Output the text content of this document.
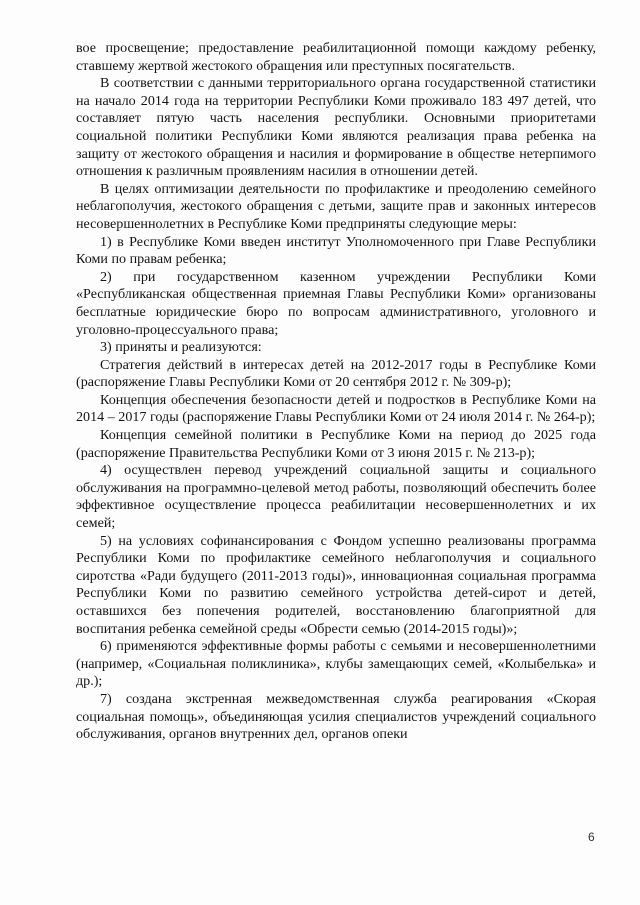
вое просвещение; предоставление реабилитационной помощи каждому ребенку, ставшему жертвой жестокого обращения или преступных посягательств.

В соответствии с данными территориального органа государственной статистики на начало 2014 года на территории Республики Коми проживало 183 497 детей, что составляет пятую часть населения республики. Основными приоритетами социальной политики Республики Коми являются реализация права ребенка на защиту от жестокого обращения и насилия и формирование в обществе нетерпимого отношения к различным проявлениям насилия в отношении детей.

В целях оптимизации деятельности по профилактике и преодолению семейного неблагополучия, жестокого обращения с детьми, защите прав и законных интересов несовершеннолетних в Республике Коми предприняты следующие меры:

1) в Республике Коми введен институт Уполномоченного при Главе Республики Коми по правам ребенка;

2) при государственном казенном учреждении Республики Коми «Республиканская общественная приемная Главы Республики Коми» организованы бесплатные юридические бюро по вопросам административного, уголовного и уголовно-процессуального права;

3) приняты и реализуются:

Стратегия действий в интересах детей на 2012-2017 годы в Республике Коми (распоряжение Главы Республики Коми от 20 сентября 2012 г. № 309-р);

Концепция обеспечения безопасности детей и подростков в Республике Коми на 2014 – 2017 годы (распоряжение Главы Республики Коми от 24 июля 2014 г. № 264-р);

Концепция семейной политики в Республике Коми на период до 2025 года (распоряжение Правительства Республики Коми от 3 июня 2015 г. № 213-р);

4) осуществлен перевод учреждений социальной защиты и социального обслуживания на программно-целевой метод работы, позволяющий обеспечить более эффективное осуществление процесса реабилитации несовершеннолетних и их семей;

5) на условиях софинансирования с Фондом успешно реализованы программа Республики Коми по профилактике семейного неблагополучия и социального сиротства «Ради будущего (2011-2013 годы)», инновационная социальная программа Республики Коми по развитию семейного устройства детей-сирот и детей, оставшихся без попечения родителей, восстановлению благоприятной для воспитания ребенка семейной среды «Обрести семью (2014-2015 годы)»;

6) применяются эффективные формы работы с семьями и несовершеннолетними (например, «Социальная поликлиника», клубы замещающих семей, «Колыбелька» и др.);

7) создана экстренная межведомственная служба реагирования «Скорая социальная помощь», объединяющая усилия специалистов учреждений социального обслуживания, органов внутренних дел, органов опеки

6
